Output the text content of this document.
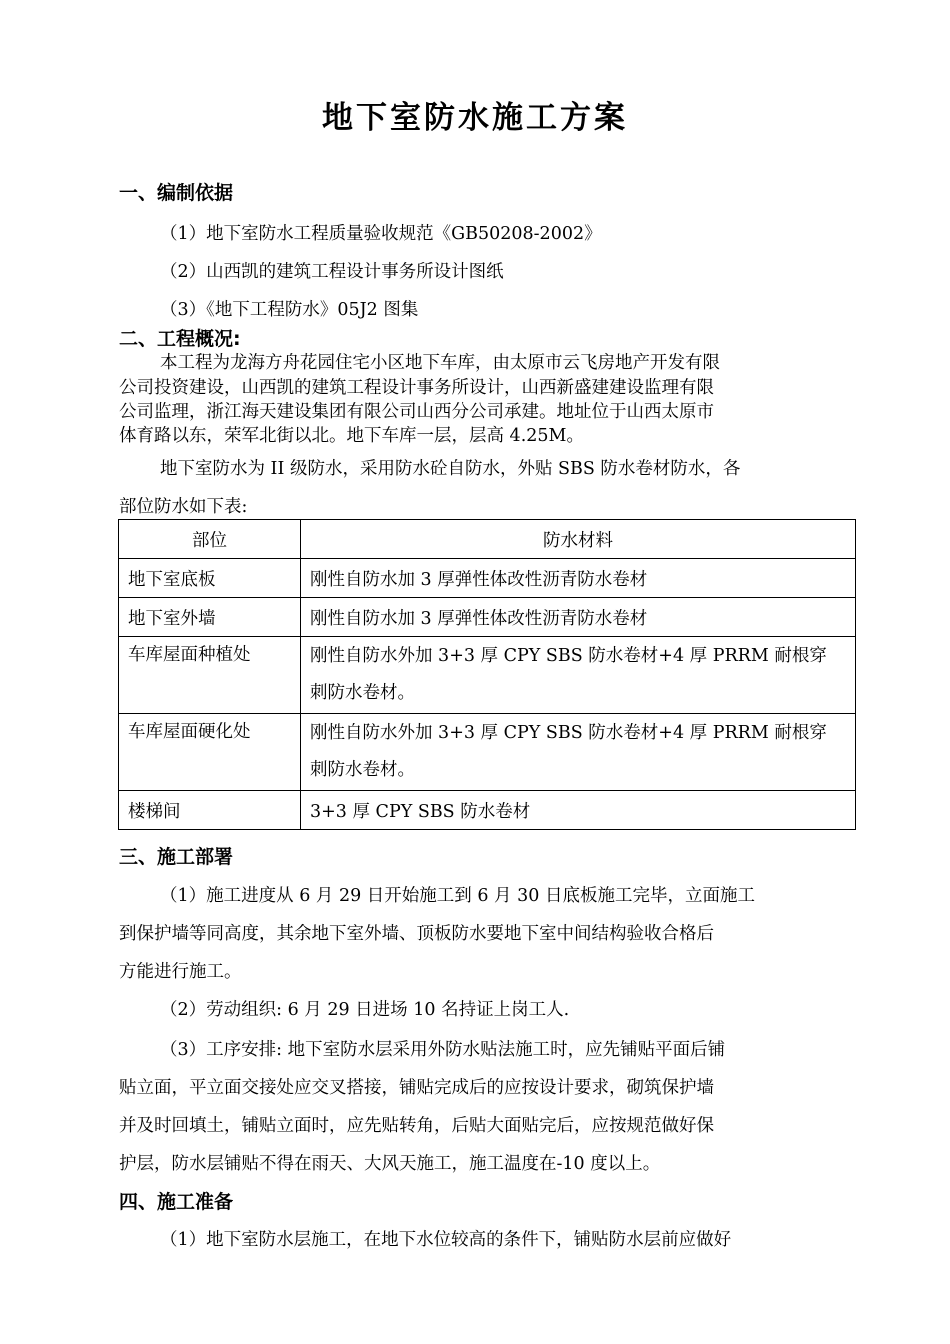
地下室防水施工方案
一、编制依据
（1）地下室防水工程质量验收规范《GB50208-2002》
（2）山西凯的建筑工程设计事务所设计图纸
（3）《地下工程防水》05J2 图集
二、工程概况:
本工程为龙海方舟花园住宅小区地下车库，由太原市云飞房地产开发有限
公司投资建设，山西凯的建筑工程设计事务所设计，山西新盛建建设监理有限
公司监理，浙江海天建设集团有限公司山西分公司承建。地址位于山西太原市
体育路以东，荣军北街以北。地下车库一层，层高 4.25M。
地下室防水为 II 级防水，采用防水砼自防水，外贴 SBS 防水卷材防水，各
部位防水如下表:
部位	防水材料
地下室底板	刚性自防水加 3 厚弹性体改性沥青防水卷材
地下室外墙	刚性自防水加 3 厚弹性体改性沥青防水卷材
车库屋面种植处	刚性自防水外加 3+3 厚 CPY SBS 防水卷材+4 厚 PRRM 耐根穿
刺防水卷材。

车库屋面硬化处	刚性自防水外加 3+3 厚 CPY SBS 防水卷材+4 厚 PRRM 耐根穿
刺防水卷材。

楼梯间	3+3 厚 CPY SBS 防水卷材
三、施工部署
（1）施工进度从 6 月 29 日开始施工到 6 月 30 日底板施工完毕，立面施工
到保护墙等同高度，其余地下室外墙、顶板防水要地下室中间结构验收合格后
方能进行施工。
（2）劳动组织: 6 月 29 日进场 10 名持证上岗工人.
（3）工序安排: 地下室防水层采用外防水贴法施工时，应先铺贴平面后铺
贴立面，平立面交接处应交叉搭接，铺贴完成后的应按设计要求，砌筑保护墙
并及时回填土，铺贴立面时，应先贴转角，后贴大面贴完后，应按规范做好保
护层，防水层铺贴不得在雨天、大风天施工，施工温度在-10 度以上。
四、施工准备
（1）地下室防水层施工，在地下水位较高的条件下，铺贴防水层前应做好
